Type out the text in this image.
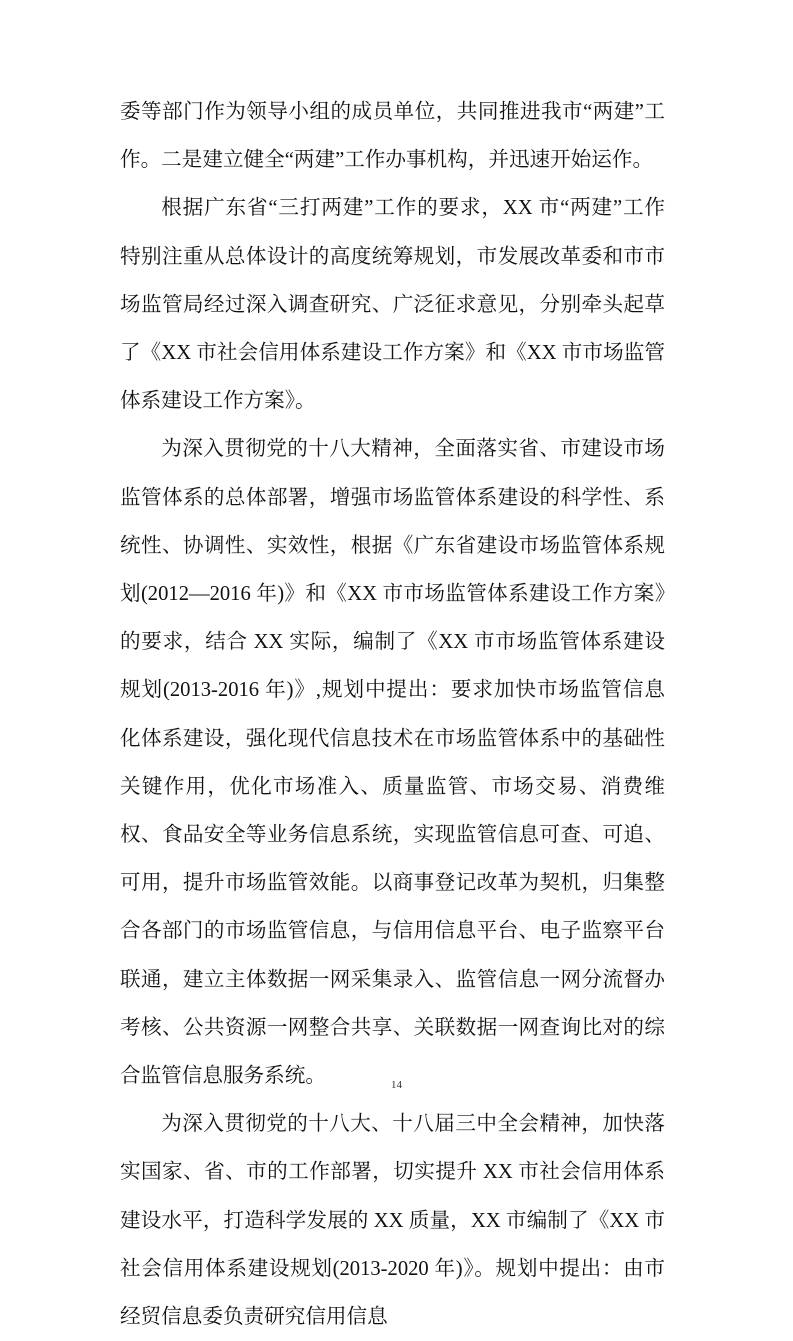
委等部门作为领导小组的成员单位，共同推进我市“两建”工作。二是建立健全“两建”工作办事机构，并迅速开始运作。

根据广东省“三打两建”工作的要求，XX 市“两建”工作特别注重从总体设计的高度统筹规划，市发展改革委和市市场监管局经过深入调查研究、广泛征求意见，分别牵头起草了《XX 市社会信用体系建设工作方案》和《XX 市市场监管体系建设工作方案》。

为深入贯彻党的十八大精神，全面落实省、市建设市场监管体系的总体部署，增强市场监管体系建设的科学性、系统性、协调性、实效性，根据《广东省建设市场监管体系规划(2012—2016 年)》和《XX 市市场监管体系建设工作方案》的要求，结合 XX 实际，编制了《XX 市市场监管体系建设规划(2013-2016 年)》,规划中提出：要求加快市场监管信息化体系建设，强化现代信息技术在市场监管体系中的基础性关键作用，优化市场准入、质量监管、市场交易、消费维权、食品安全等业务信息系统，实现监管信息可查、可追、可用，提升市场监管效能。以商事登记改革为契机，归集整合各部门的市场监管信息，与信用信息平台、电子监察平台联通，建立主体数据一网采集录入、监管信息一网分流督办考核、公共资源一网整合共享、关联数据一网查询比对的综合监管信息服务系统。

为深入贯彻党的十八大、十八届三中全会精神，加快落实国家、省、市的工作部署，切实提升 XX 市社会信用体系建设水平，打造科学发展的 XX 质量，XX 市编制了《XX 市社会信用体系建设规划(2013-2020 年)》。规划中提出：由市经贸信息委负责研究信用信息

14
